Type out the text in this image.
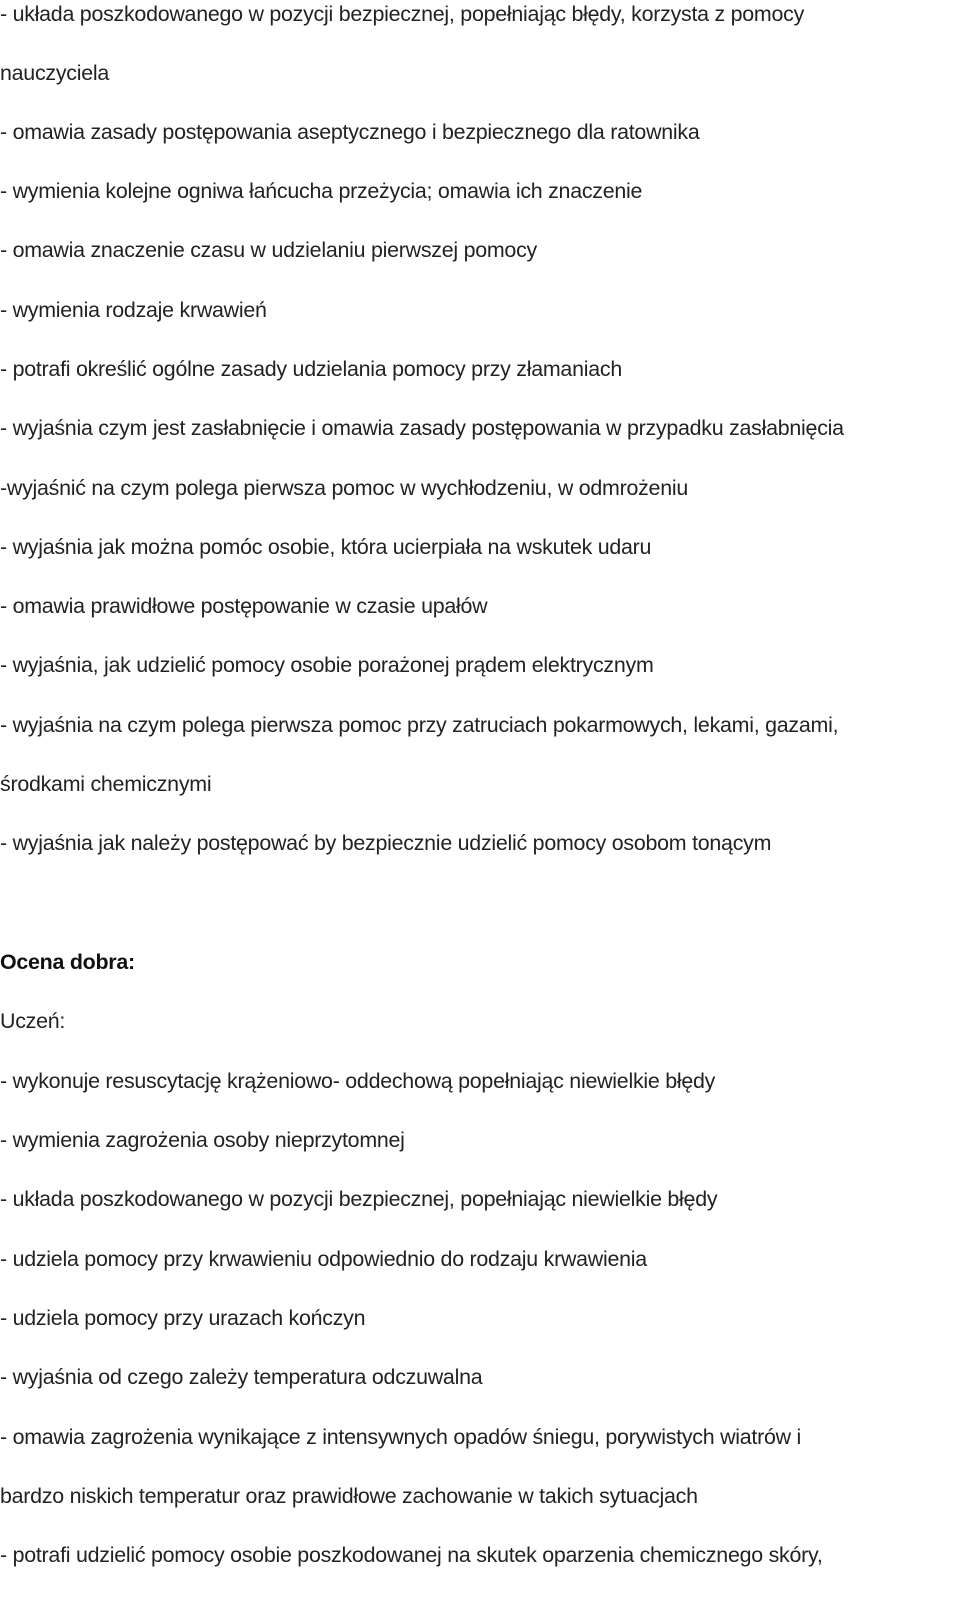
- układa poszkodowanego w pozycji bezpiecznej, popełniając błędy, korzysta z pomocy
nauczyciela
- omawia zasady postępowania aseptycznego i bezpiecznego dla ratownika
- wymienia kolejne ogniwa łańcucha przeżycia; omawia ich znaczenie
- omawia znaczenie czasu w udzielaniu pierwszej pomocy
- wymienia rodzaje krwawień
- potrafi określić ogólne zasady udzielania pomocy przy złamaniach
- wyjaśnia czym jest zasłabnięcie i omawia zasady postępowania w przypadku zasłabnięcia
-wyjaśnić na czym polega pierwsza pomoc w wychłodzeniu, w odmrożeniu
- wyjaśnia jak można pomóc osobie, która ucierpiała na wskutek udaru
- omawia prawidłowe postępowanie w czasie upałów
- wyjaśnia, jak udzielić pomocy osobie porażonej prądem elektrycznym
- wyjaśnia na czym polega pierwsza pomoc przy zatruciach pokarmowych, lekami, gazami,
środkami chemicznymi
- wyjaśnia jak należy postępować by bezpiecznie udzielić pomocy osobom tonącym
Ocena dobra:
Uczeń:
- wykonuje resuscytację krążeniowo- oddechową popełniając niewielkie błędy
- wymienia zagrożenia osoby nieprzytomnej
- układa poszkodowanego w pozycji bezpiecznej, popełniając niewielkie błędy
- udziela pomocy przy krwawieniu odpowiednio do rodzaju krwawienia
- udziela pomocy przy urazach kończyn
- wyjaśnia od czego zależy temperatura odczuwalna
- omawia zagrożenia wynikające z intensywnych opadów śniegu, porywistych wiatrów i
bardzo niskich temperatur oraz prawidłowe zachowanie w takich sytuacjach
- potrafi udzielić pomocy osobie poszkodowanej na skutek oparzenia chemicznego skóry,
